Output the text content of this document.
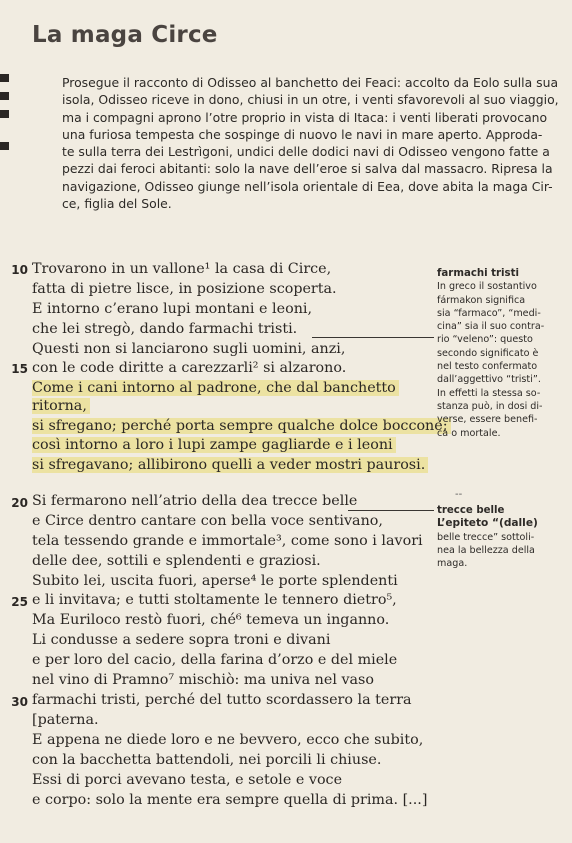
La maga Circe
Prosegue il racconto di Odisseo al banchetto dei Feaci: accolto da Eolo sulla sua
isola, Odisseo riceve in dono, chiusi in un otre, i venti sfavorevoli al suo viaggio,
ma i compagni aprono l’otre proprio in vista di Itaca: i venti liberati provocano
una furiosa tempesta che sospinge di nuovo le navi in mare aperto. Approda-
te sulla terra dei Lestrìgoni, undici delle dodici navi di Odisseo vengono fatte a
pezzi dai feroci abitanti: solo la nave dell’eroe si salva dal massacro. Ripresa la
navigazione, Odisseo giunge nell’isola orientale di Eea, dove abita la maga Cir-
ce, figlia del Sole.
10
15
20
25
30
Trovarono in un vallone¹ la casa di Circe,
fatta di pietre lisce, in posizione scoperta.
E intorno c’erano lupi montani e leoni,
che lei stregò, dando farmachi tristi.
Questi non si lanciarono sugli uomini, anzi,
con le code diritte a carezzarli² si alzarono.
Come i cani intorno al padrone, che dal banchetto
ritorna,
si sfregano; perché porta sempre qualche dolce boccone;
così intorno a loro i lupi zampe gagliarde e i leoni
si sfregavano; allibirono quelli a veder mostri paurosi.
Si fermarono nell’atrio della dea trecce belle
e Circe dentro cantare con bella voce sentivano,
tela tessendo grande e immortale³, come sono i lavori
delle dee, sottili e splendenti e graziosi.
Subito lei, uscita fuori, aperse⁴ le porte splendenti
e li invitava; e tutti stoltamente le tennero dietro⁵,
Ma Euriloco restò fuori, ché⁶ temeva un inganno.
Li condusse a sedere sopra troni e divani
e per loro del cacio, della farina d’orzo e del miele
nel vino di Pramno⁷ mischiò: ma univa nel vaso
farmachi tristi, perché del tutto scordassero la terra
[paterna.
E appena ne diede loro e ne bevvero, ecco che subito,
con la bacchetta battendoli, nei porcili li chiuse.
Essi di porci avevano testa, e setole e voce
e corpo: solo la mente era sempre quella di prima. [...]
farmachi tristi
In greco il sostantivo
fármakon significa
sia “farmaco”, “medi-
cina” sia il suo contra-
rio “veleno”: questo
secondo significato è
nel testo confermato
dall’aggettivo “tristi”.
In effetti la stessa so-
stanza può, in dosi di-
verse, essere benefi-
ca o mortale.
--
trecce belle
L’epiteto “(dalle)
belle trecce” sottoli-
nea la bellezza della
maga.
